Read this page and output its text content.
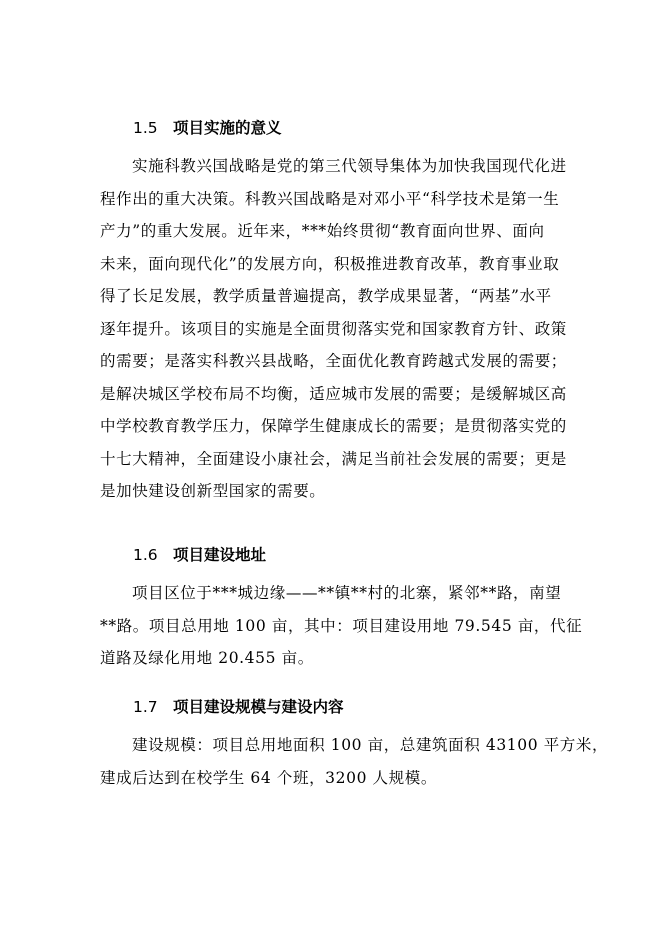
1.5 项目实施的意义
实施科教兴国战略是党的第三代领导集体为加快我国现代化进
程作出的重大决策。科教兴国战略是对邓小平“科学技术是第一生
产力”的重大发展。近年来，***始终贯彻“教育面向世界、面向
未来，面向现代化”的发展方向，积极推进教育改革，教育事业取
得了长足发展，教学质量普遍提高，教学成果显著，“两基”水平
逐年提升。该项目的实施是全面贯彻落实党和国家教育方针、政策
的需要；是落实科教兴县战略，全面优化教育跨越式发展的需要；
是解决城区学校布局不均衡，适应城市发展的需要；是缓解城区高
中学校教育教学压力，保障学生健康成长的需要；是贯彻落实党的
十七大精神，全面建设小康社会，满足当前社会发展的需要；更是
是加快建设创新型国家的需要。
1.6 项目建设地址
项目区位于***城边缘——**镇**村的北寨，紧邻**路，南望
**路。项目总用地 100 亩，其中：项目建设用地 79.545 亩，代征
道路及绿化用地 20.455 亩。
1.7 项目建设规模与建设内容
建设规模：项目总用地面积 100 亩，总建筑面积 43100 平方米，
建成后达到在校学生 64 个班，3200 人规模。
